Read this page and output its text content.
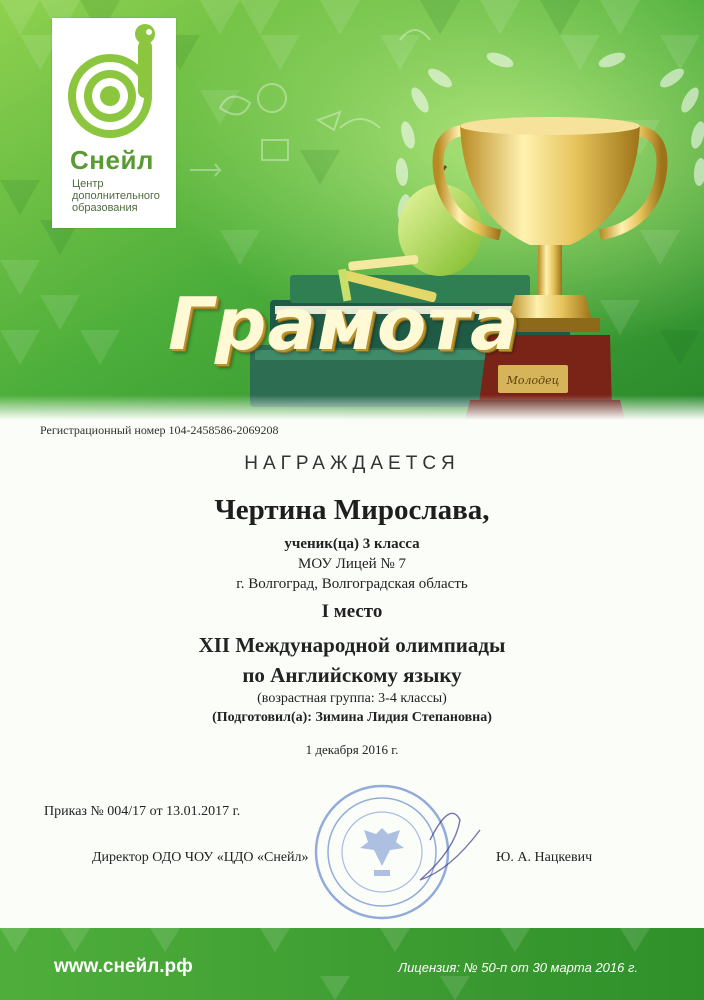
Молодец
Снейл
Центр дополнительного образования
Грамота
Регистрационный номер 104-2458586-2069208
НАГРАЖДАЕТСЯ
Чертина Мирослава,
ученик(ца) 3 класса
МОУ Лицей № 7
г. Волгоград, Волгоградская область
I место
XII Международной олимпиады
по Английскому языку
(возрастная группа: 3-4 классы)
(Подготовил(а): Зимина Лидия Степановна)
1 декабря 2016 г.
Приказ № 004/17 от 13.01.2017 г.
Директор ОДО ЧОУ «ЦДО «Снейл»	Ю. А. Нацкевич
www.снейл.рф	Лицензия: № 50-п от 30 марта 2016 г.
